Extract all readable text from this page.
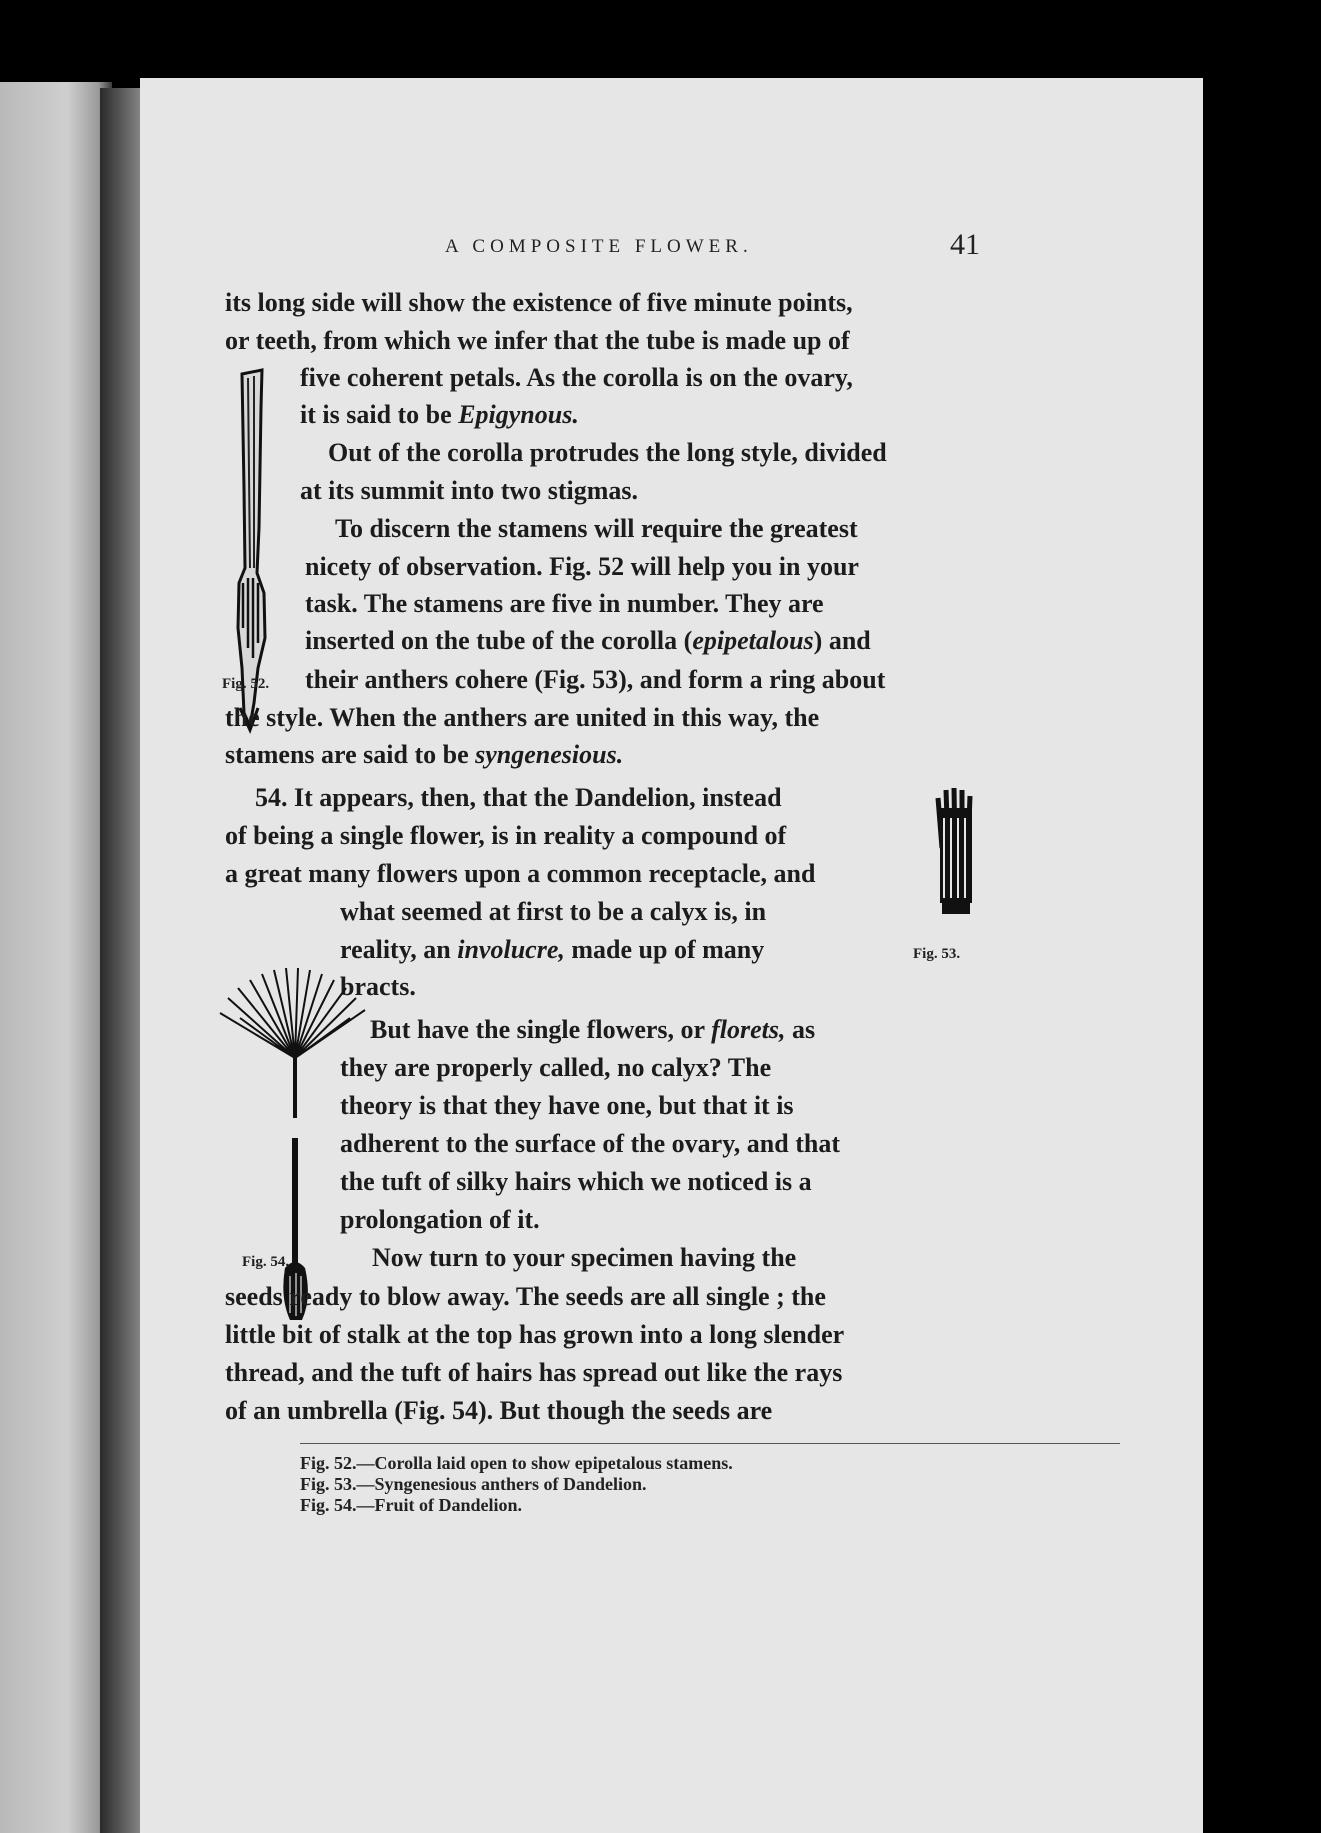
A COMPOSITE FLOWER.	41
its long side will show the existence of five minute points,
or teeth, from which we infer that the tube is made up of
five coherent petals. As the corolla is on the ovary,
it is said to be Epigynous.
Out of the corolla protrudes the long style, divided
at its summit into two stigmas.
To discern the stamens will require the greatest
nicety of observation. Fig. 52 will help you in your
task. The stamens are five in number. They are
inserted on the tube of the corolla (epipetalous) and
Fig. 52. their anthers cohere (Fig. 53), and form a ring about
the style. When the anthers are united in this way, the
stamens are said to be syngenesious.
54. It appears, then, that the Dandelion, instead
of being a single flower, is in reality a compound of
a great many flowers upon a common receptacle, and
what seemed at first to be a calyx is, in
reality, an involucre, made up of many	Fig. 53.
bracts.
But have the single flowers, or florets, as
they are properly called, no calyx? The
theory is that they have one, but that it is
adherent to the surface of the ovary, and that
the tuft of silky hairs which we noticed is a
prolongation of it.
Fig. 54.	Now turn to your specimen having the
seeds ready to blow away. The seeds are all single ; the
little bit of stalk at the top has grown into a long slender
thread, and the tuft of hairs has spread out like the rays
of an umbrella (Fig. 54). But though the seeds are
Fig. 52.—Corolla laid open to show epipetalous stamens.
Fig. 53.—Syngenesious anthers of Dandelion.
Fig. 54.—Fruit of Dandelion.
